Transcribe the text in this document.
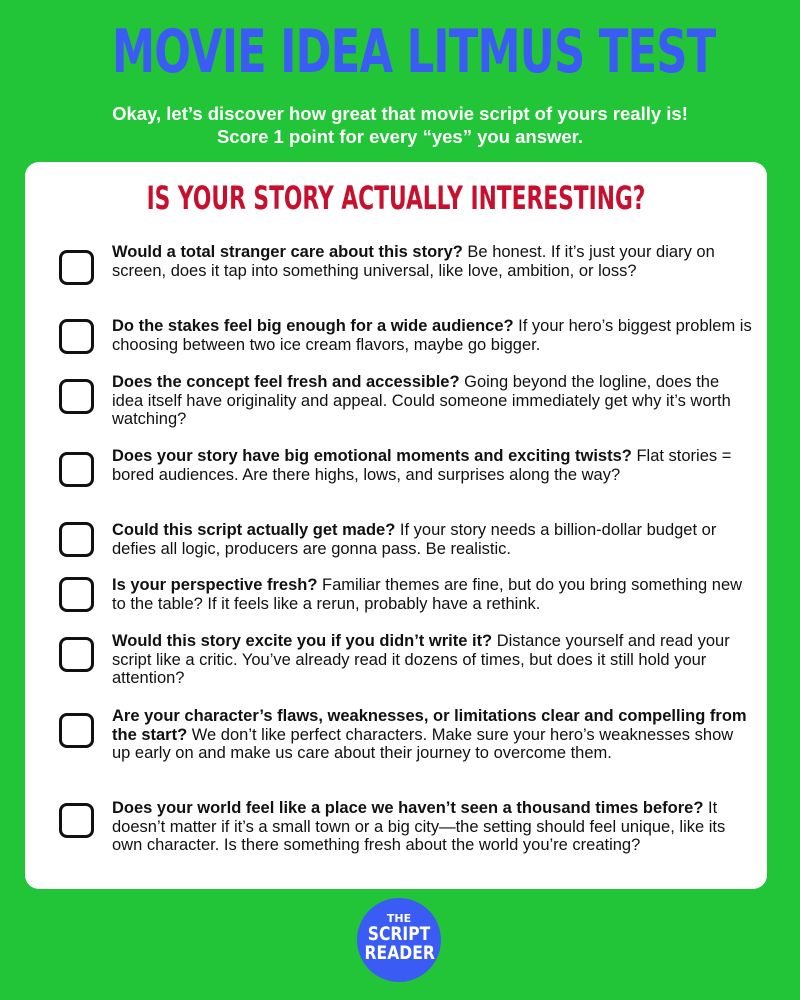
MOVIE IDEA LITMUS TEST
Okay, let’s discover how great that movie script of yours really is!
Score 1 point for every “yes” you answer.
IS YOUR STORY ACTUALLY INTERESTING?
Would a total stranger care about this story? Be honest. If it’s just your diary on screen, does it tap into something universal, like love, ambition, or loss?
Do the stakes feel big enough for a wide audience? If your hero’s biggest problem is choosing between two ice cream flavors, maybe go bigger.
Does the concept feel fresh and accessible? Going beyond the logline, does the idea itself have originality and appeal. Could someone immediately get why it’s worth watching?
Does your story have big emotional moments and exciting twists? Flat stories = bored audiences. Are there highs, lows, and surprises along the way?
Could this script actually get made? If your story needs a billion-dollar budget or defies all logic, producers are gonna pass. Be realistic.
Is your perspective fresh? Familiar themes are fine, but do you bring something new to the table? If it feels like a rerun, probably have a rethink.
Would this story excite you if you didn’t write it? Distance yourself and read your script like a critic. You’ve already read it dozens of times, but does it still hold your attention?
Are your character’s flaws, weaknesses, or limitations clear and compelling from the start? We don’t like perfect characters. Make sure your hero’s weaknesses show up early on and make us care about their journey to overcome them.
Does your world feel like a place we haven’t seen a thousand times before? It doesn’t matter if it’s a small town or a big city—the setting should feel unique, like its own character. Is there something fresh about the world you’re creating?
THE
SCRIPT
READER
